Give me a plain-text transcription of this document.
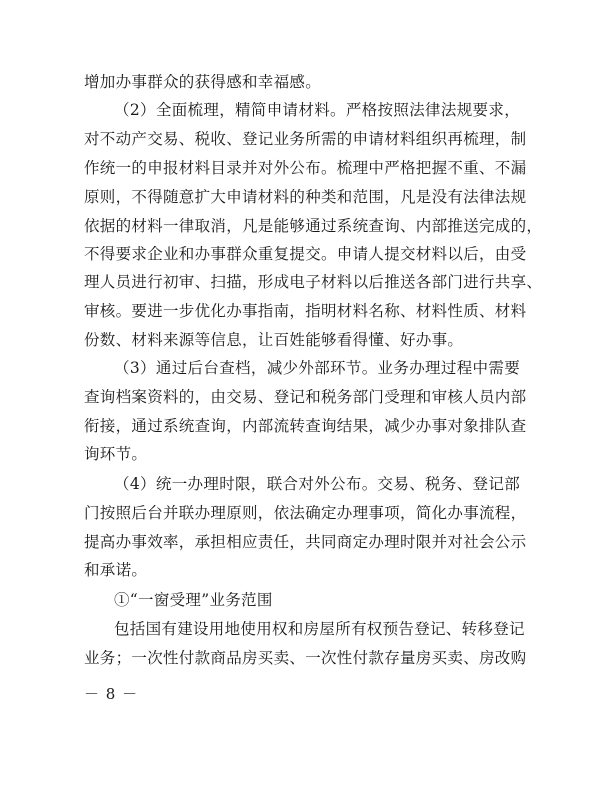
增加办事群众的获得感和幸福感。
（2）全面梳理，精简申请材料。严格按照法律法规要求，
对不动产交易、税收、登记业务所需的申请材料组织再梳理，制
作统一的申报材料目录并对外公布。梳理中严格把握不重、不漏
原则，不得随意扩大申请材料的种类和范围，凡是没有法律法规
依据的材料一律取消，凡是能够通过系统查询、内部推送完成的，
不得要求企业和办事群众重复提交。申请人提交材料以后，由受
理人员进行初审、扫描，形成电子材料以后推送各部门进行共享、
审核。要进一步优化办事指南，指明材料名称、材料性质、材料
份数、材料来源等信息，让百姓能够看得懂、好办事。
（3）通过后台查档，减少外部环节。业务办理过程中需要
查询档案资料的，由交易、登记和税务部门受理和审核人员内部
衔接，通过系统查询，内部流转查询结果，减少办事对象排队查
询环节。
（4）统一办理时限，联合对外公布。交易、税务、登记部
门按照后台并联办理原则，依法确定办理事项，简化办事流程，
提高办事效率，承担相应责任，共同商定办理时限并对社会公示
和承诺。
①“一窗受理”业务范围
包括国有建设用地使用权和房屋所有权预告登记、转移登记
业务；一次性付款商品房买卖、一次性付款存量房买卖、房改购
－ 8 －
